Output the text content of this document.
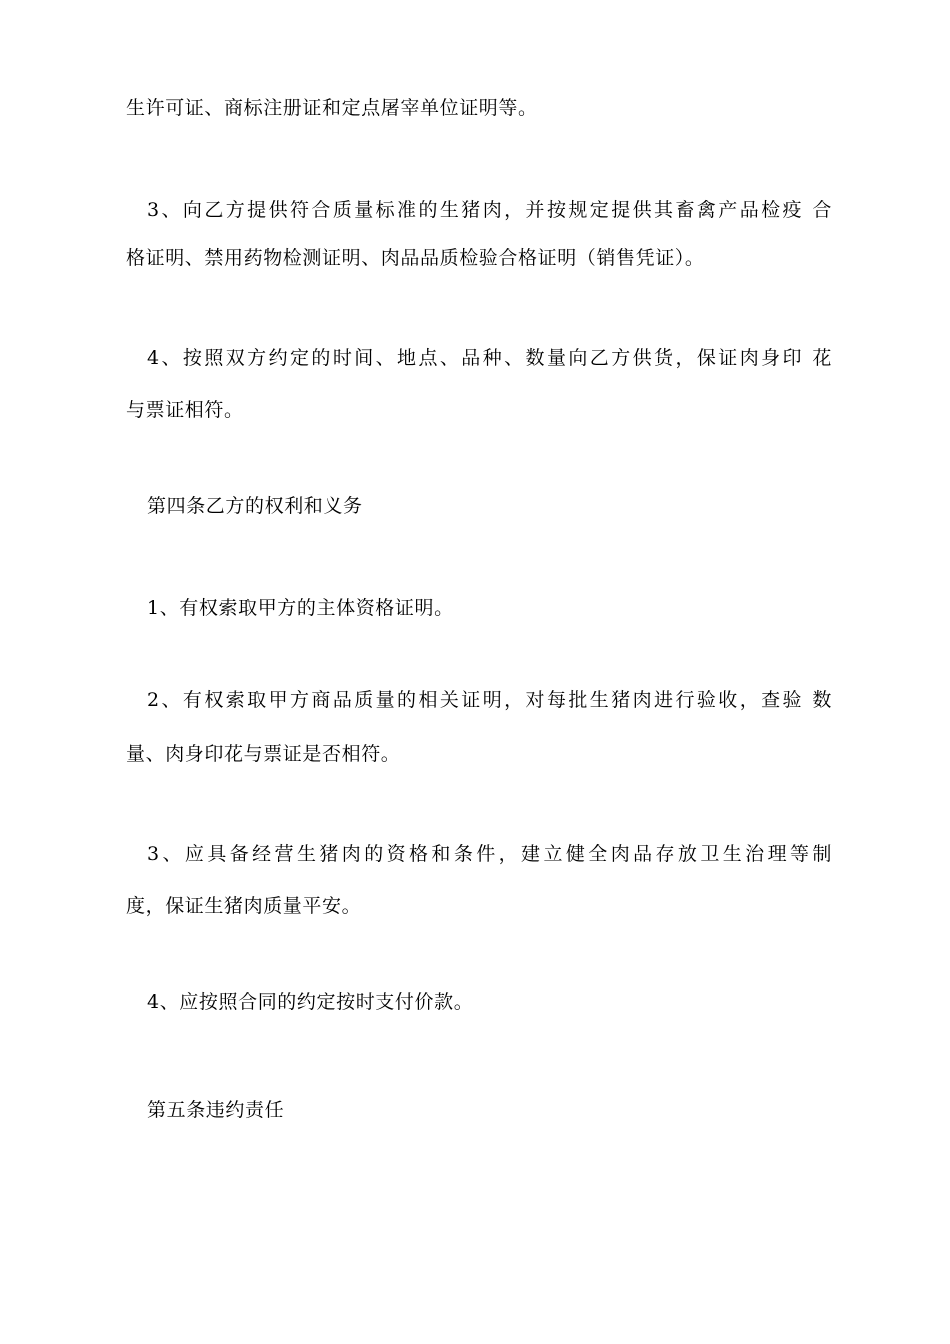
生许可证、商标注册证和定点屠宰单位证明等。
3、向乙方提供符合质量标准的生猪肉，并按规定提供其畜禽产品检疫 合
格证明、禁用药物检测证明、肉品品质检验合格证明（销售凭证）。
4、按照双方约定的时间、地点、品种、数量向乙方供货，保证肉身印 花
与票证相符。
第四条乙方的权利和义务
1、有权索取甲方的主体资格证明。
2、有权索取甲方商品质量的相关证明，对每批生猪肉进行验收，查验 数
量、肉身印花与票证是否相符。
3、应具备经营生猪肉的资格和条件，建立健全肉品存放卫生治理等制
度，保证生猪肉质量平安。
4、应按照合同的约定按时支付价款。
第五条违约责任
